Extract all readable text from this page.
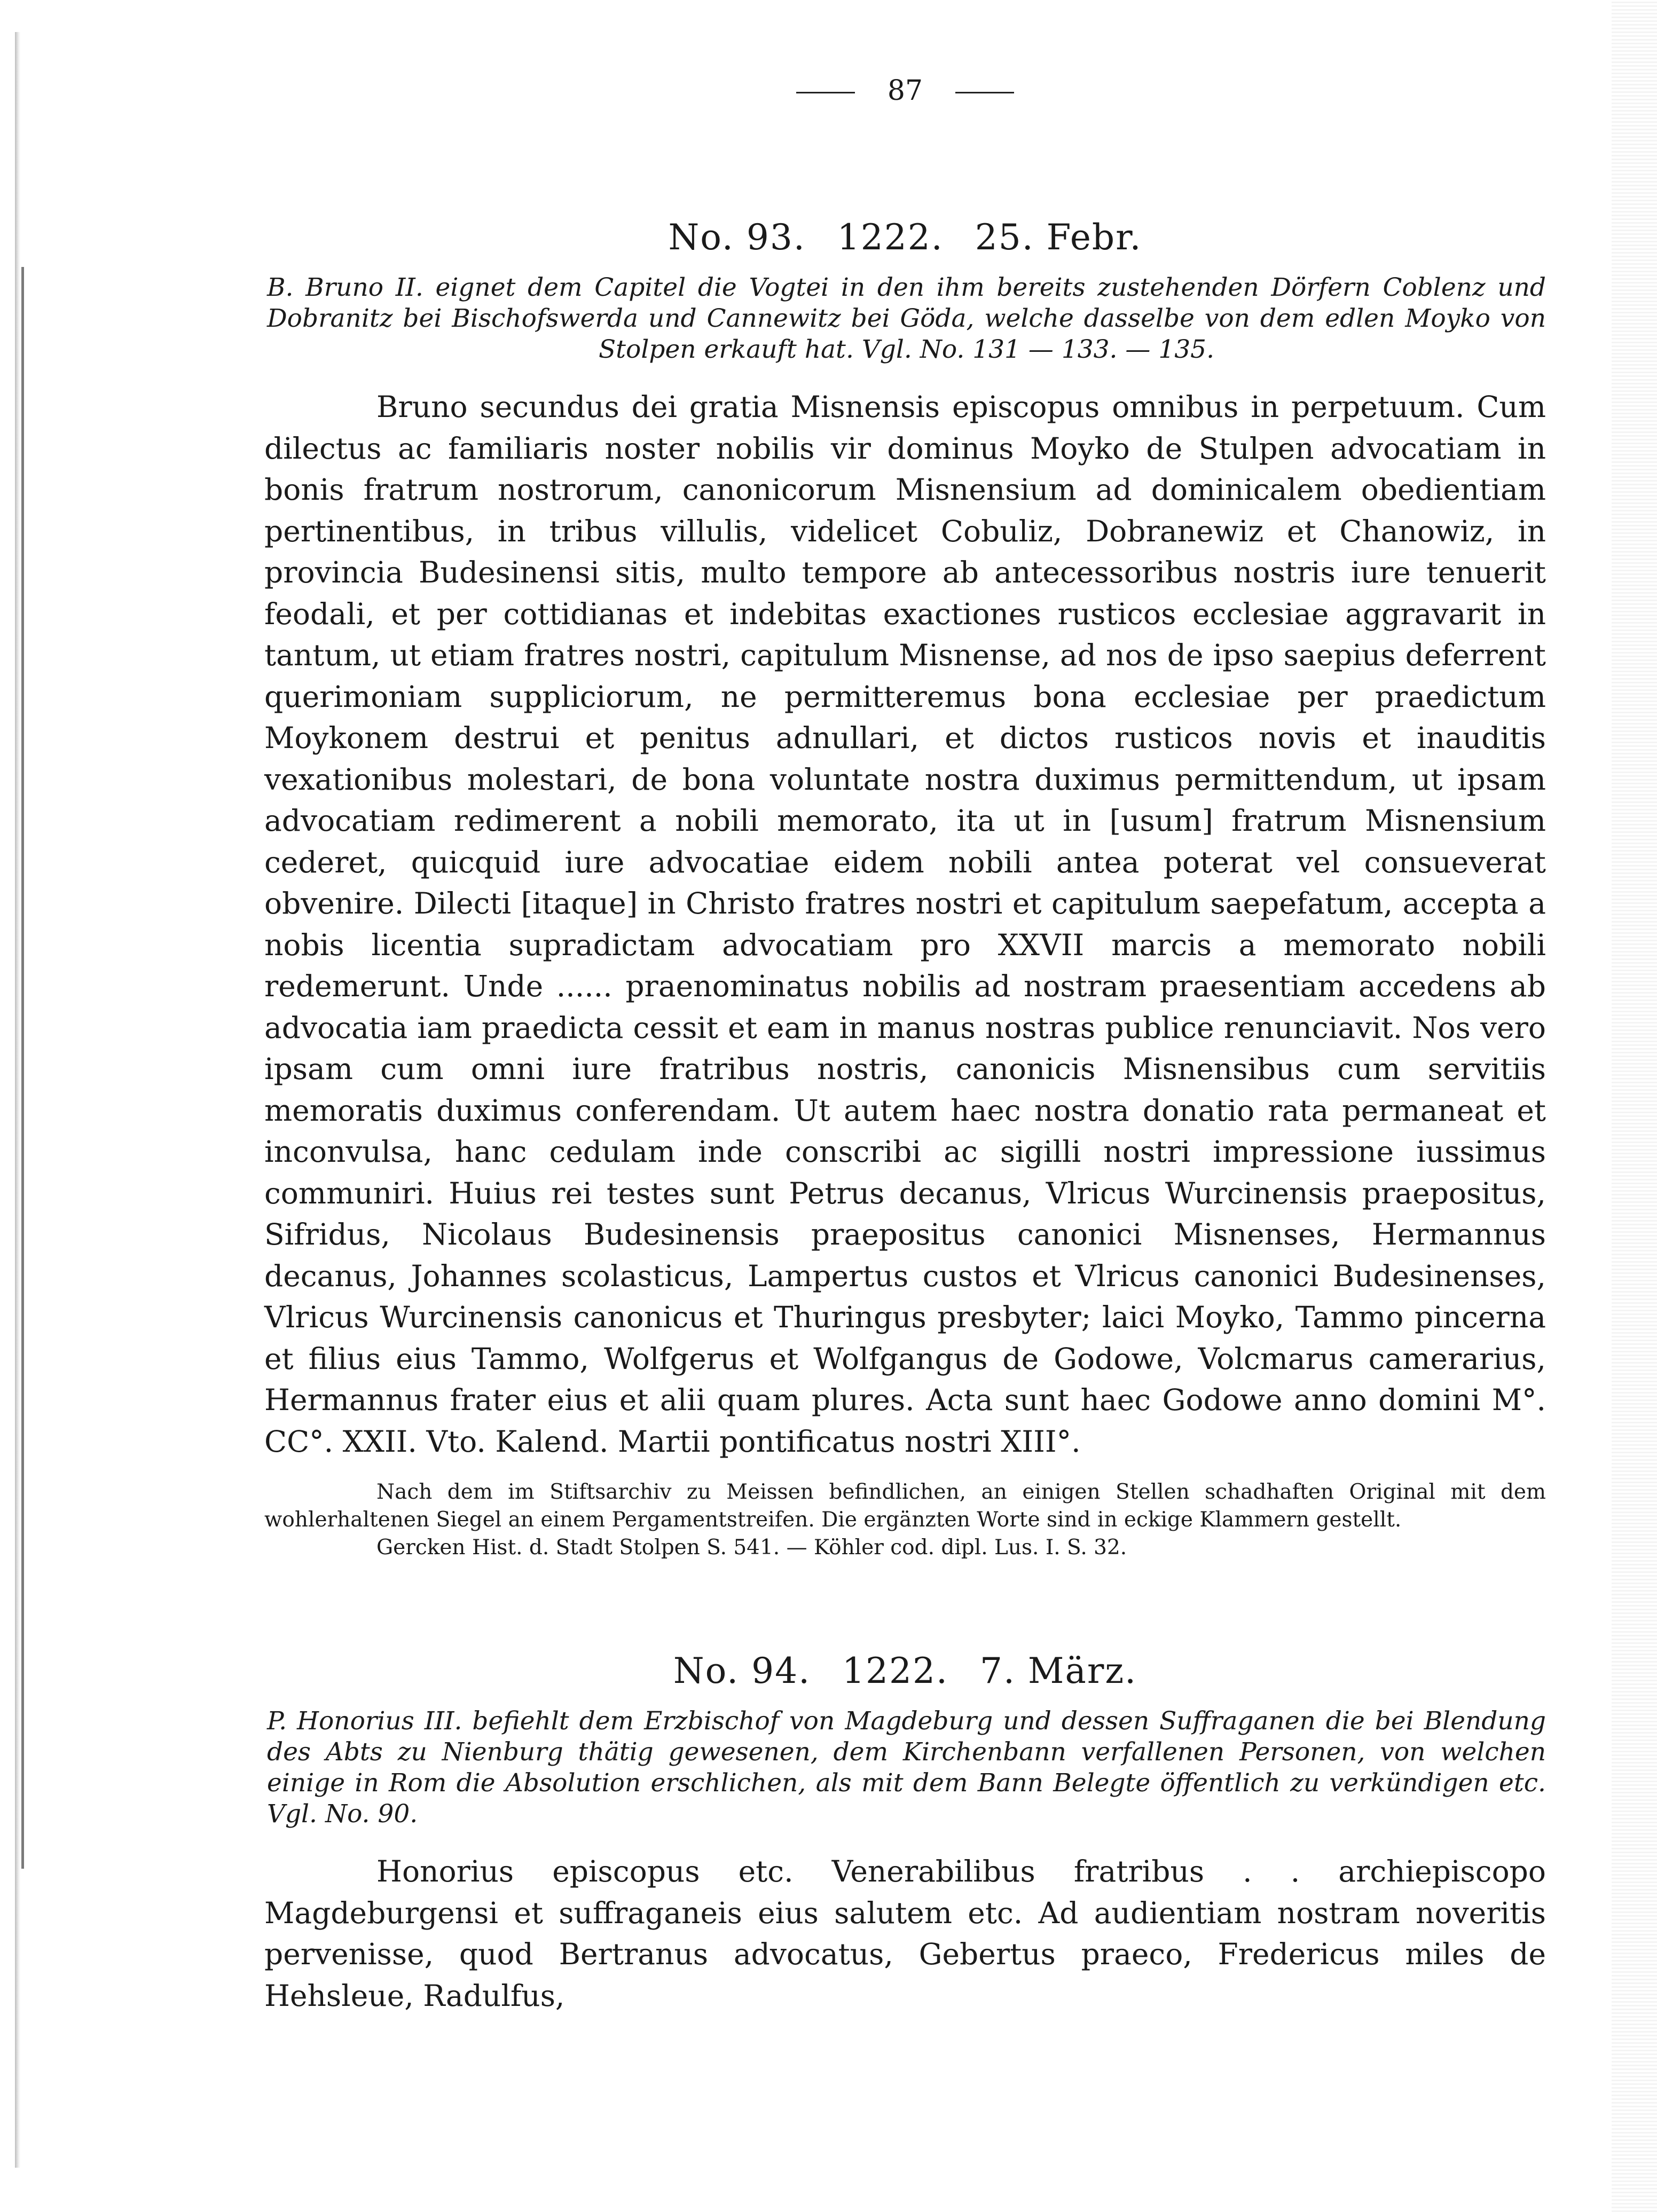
87
No. 93. 1222. 25. Febr.
B. Bruno II. eignet dem Capitel die Vogtei in den ihm bereits zustehenden Dörfern Coblenz und Dobranitz bei Bischofswerda und Cannewitz bei Göda, welche dasselbe von dem edlen Moyko von Stolpen erkauft hat. Vgl. No. 131 — 133. — 135.
Bruno secundus dei gratia Misnensis episcopus omnibus in perpetuum. Cum dilectus ac familiaris noster nobilis vir dominus Moyko de Stulpen advocatiam in bonis fratrum nostrorum, canonicorum Misnensium ad dominicalem obedientiam pertinentibus, in tribus villulis, videlicet Cobuliz, Dobranewiz et Chanowiz, in provincia Budesinensi sitis, multo tempore ab antecessoribus nostris iure tenuerit feodali, et per cottidianas et indebitas exactiones rusticos ecclesiae aggravarit in tantum, ut etiam fratres nostri, capitulum Misnense, ad nos de ipso saepius deferrent querimoniam suppliciorum, ne permitteremus bona ecclesiae per praedictum Moykonem destrui et penitus adnullari, et dictos rusticos novis et inauditis vexationibus molestari, de bona voluntate nostra duximus permittendum, ut ipsam advocatiam redimerent a nobili memorato, ita ut in [usum] fratrum Misnensium cederet, quicquid iure advocatiae eidem nobili antea poterat vel consueverat obvenire. Dilecti [itaque] in Christo fratres nostri et capitulum saepefatum, accepta a nobis licentia supradictam advocatiam pro XXVII marcis a memorato nobili redemerunt. Unde ...... praenominatus nobilis ad nostram praesentiam accedens ab advocatia iam praedicta cessit et eam in manus nostras publice renunciavit. Nos vero ipsam cum omni iure fratribus nostris, canonicis Misnensibus cum servitiis memoratis duximus conferendam. Ut autem haec nostra donatio rata permaneat et inconvulsa, hanc cedulam inde conscribi ac sigilli nostri impressione iussimus communiri. Huius rei testes sunt Petrus decanus, Vlricus Wurcinensis praepositus, Sifridus, Nicolaus Budesinensis praepositus canonici Misnenses, Hermannus decanus, Johannes scolasticus, Lampertus custos et Vlricus canonici Budesinenses, Vlricus Wurcinensis canonicus et Thuringus presbyter; laici Moyko, Tammo pincerna et filius eius Tammo, Wolfgerus et Wolfgangus de Godowe, Volcmarus camerarius, Hermannus frater eius et alii quam plures. Acta sunt haec Godowe anno domini M°. CC°. XXII. Vto. Kalend. Martii pontificatus nostri XIII°.
Nach dem im Stiftsarchiv zu Meissen befindlichen, an einigen Stellen schadhaften Original mit dem wohlerhaltenen Siegel an einem Pergamentstreifen. Die ergänzten Worte sind in eckige Klammern gestellt.
Gercken Hist. d. Stadt Stolpen S. 541. — Köhler cod. dipl. Lus. I. S. 32.
No. 94. 1222. 7. März.
P. Honorius III. befiehlt dem Erzbischof von Magdeburg und dessen Suffraganen die bei Blendung des Abts zu Nienburg thätig gewesenen, dem Kirchenbann verfallenen Personen, von welchen einige in Rom die Absolution erschlichen, als mit dem Bann Belegte öffentlich zu verkündigen etc. Vgl. No. 90.
Honorius episcopus etc. Venerabilibus fratribus . . archiepiscopo Magdeburgensi et suffraganeis eius salutem etc. Ad audientiam nostram noveritis pervenisse, quod Bertranus advocatus, Gebertus praeco, Fredericus miles de Hehsleue, Radulfus,
